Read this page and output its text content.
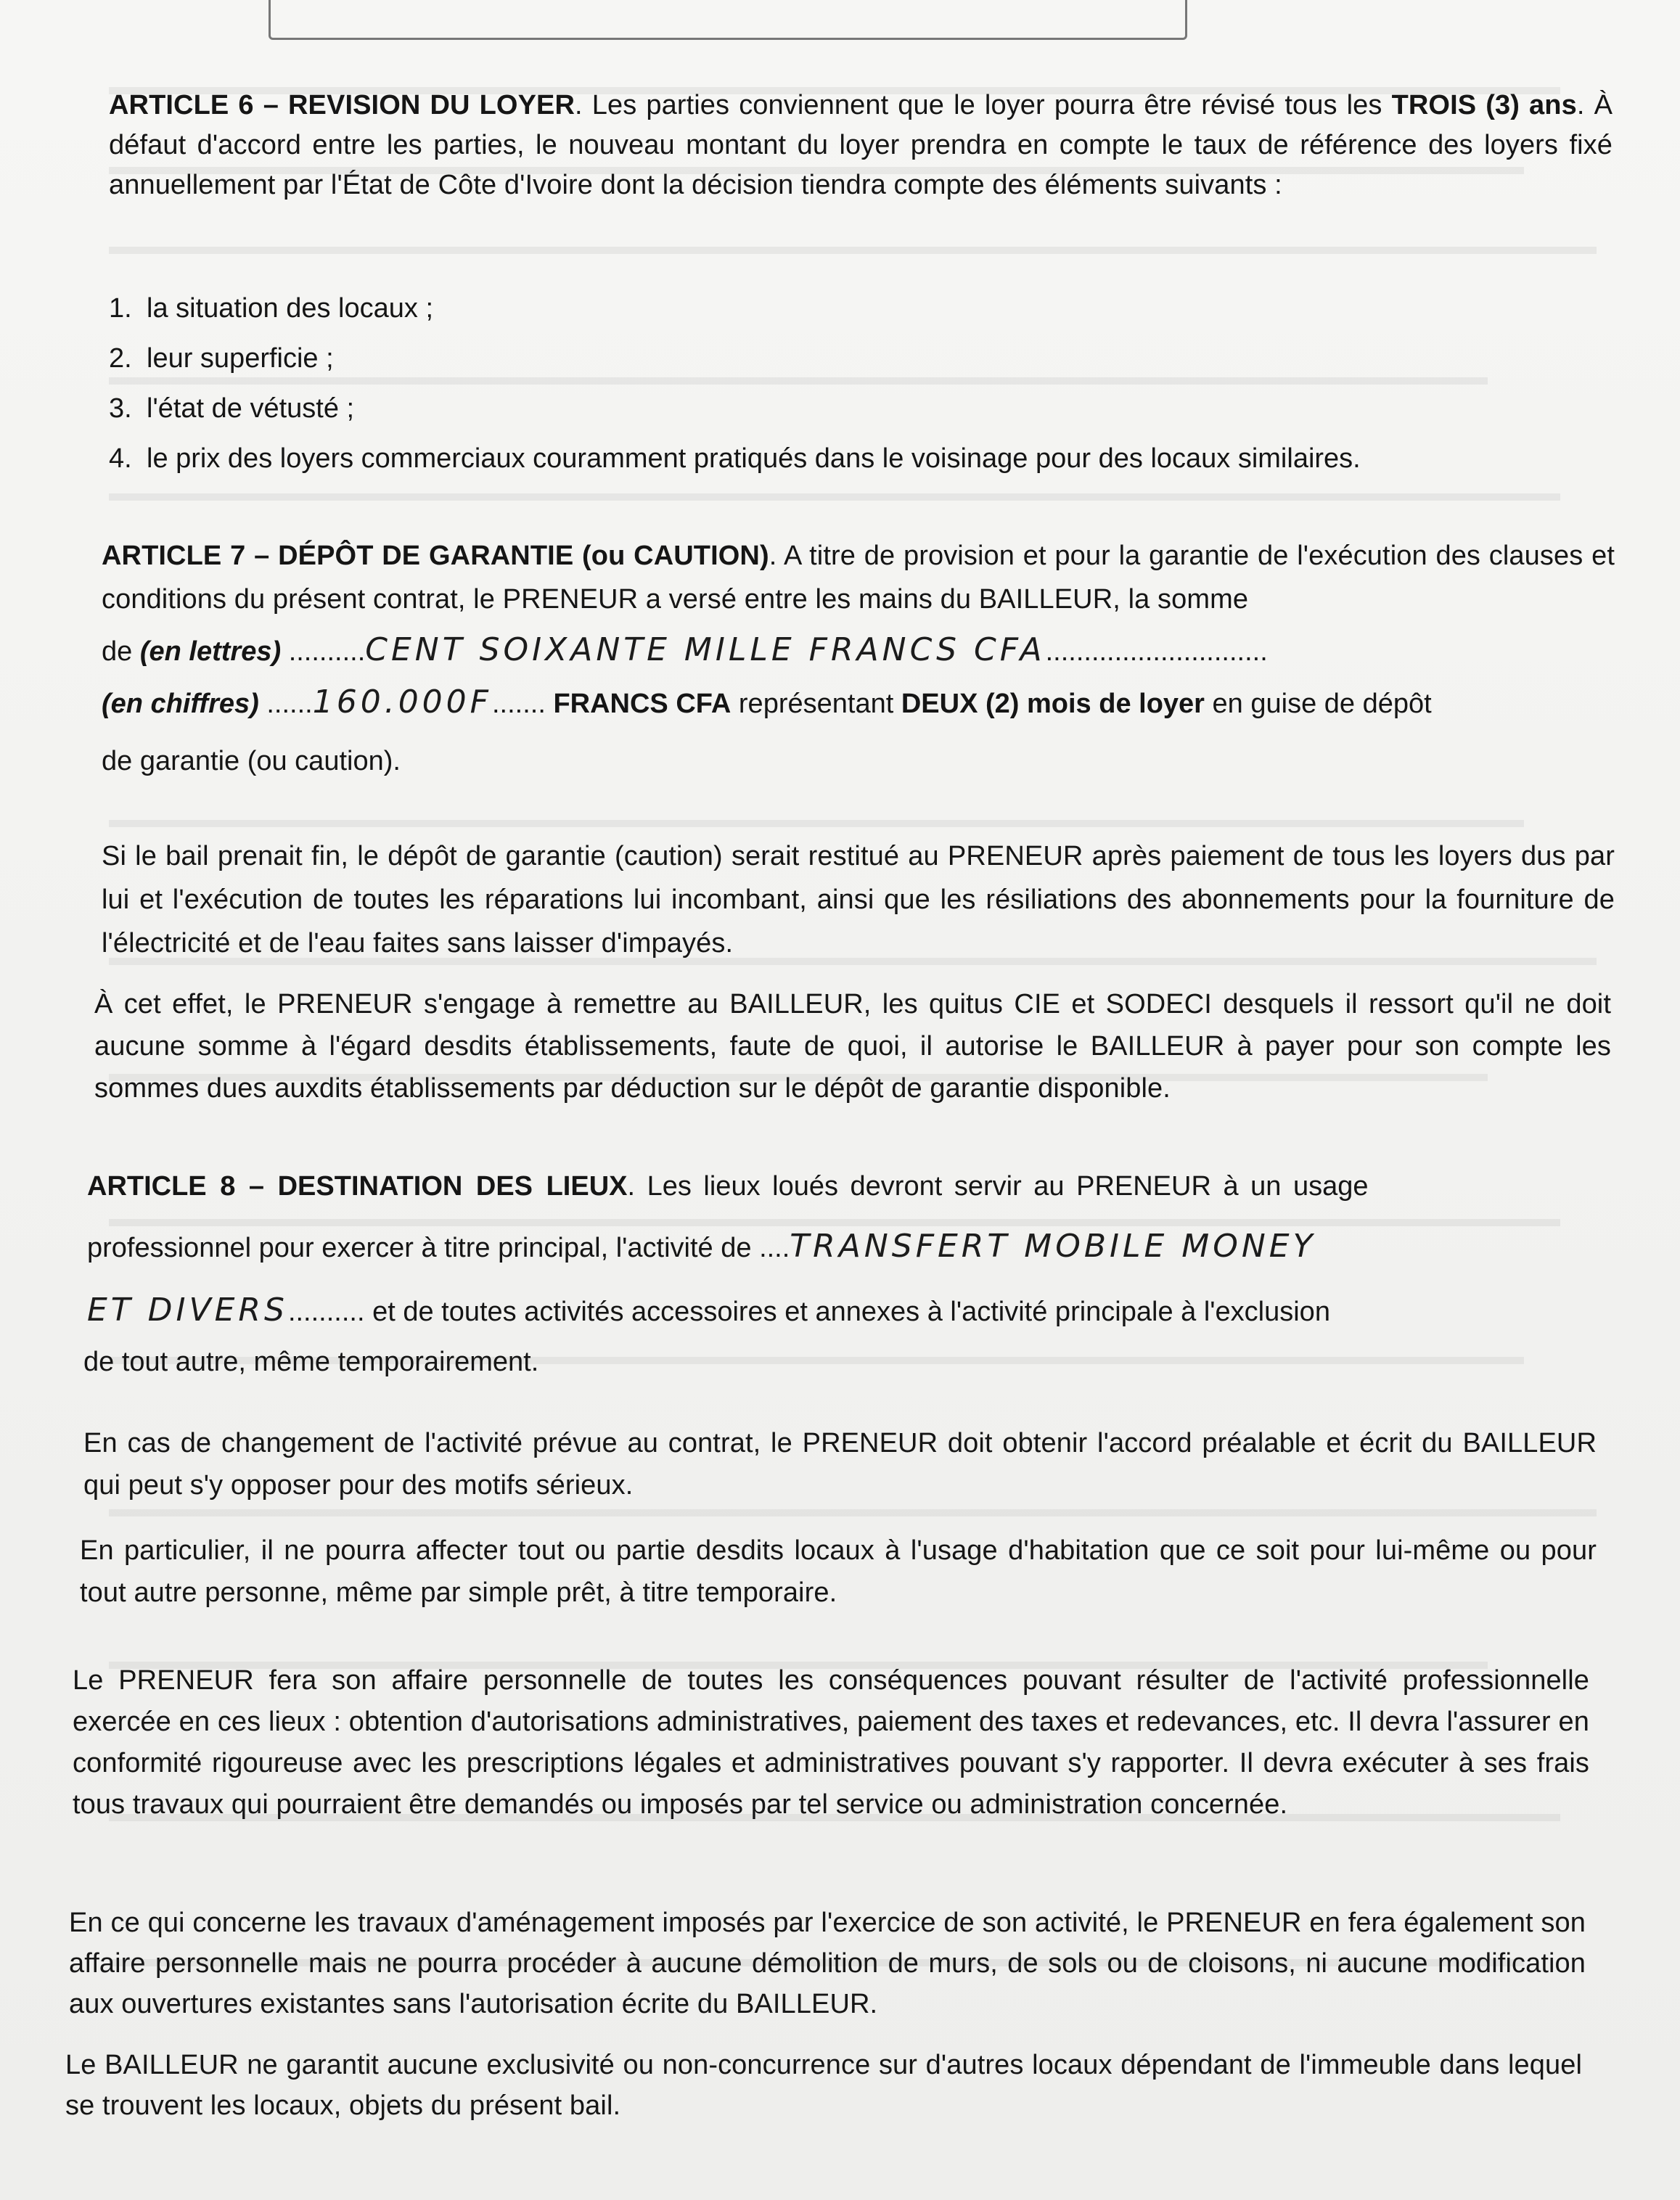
ARTICLE 6 – REVISION DU LOYER. Les parties conviennent que le loyer pourra être révisé tous les TROIS (3) ans. À défaut d'accord entre les parties, le nouveau montant du loyer prendra en compte le taux de référence des loyers fixé annuellement par l'État de Côte d'Ivoire dont la décision tiendra compte des éléments suivants :
1. la situation des locaux ;
2. leur superficie ;
3. l'état de vétusté ;
4. le prix des loyers commerciaux couramment pratiqués dans le voisinage pour des locaux similaires.
ARTICLE 7 – DÉPÔT DE GARANTIE (ou CAUTION). A titre de provision et pour la garantie de l'exécution des clauses et conditions du présent contrat, le PRENEUR a versé entre les mains du BAILLEUR, la somme
de (en lettres) ..........CENT SOIXANTE MILLE FRANCS CFA.............................
(en chiffres) ......160.000F....... FRANCS CFA représentant DEUX (2) mois de loyer en guise de dépôt
de garantie (ou caution).
Si le bail prenait fin, le dépôt de garantie (caution) serait restitué au PRENEUR après paiement de tous les loyers dus par lui et l'exécution de toutes les réparations lui incombant, ainsi que les résiliations des abonnements pour la fourniture de l'électricité et de l'eau faites sans laisser d'impayés.
À cet effet, le PRENEUR s'engage à remettre au BAILLEUR, les quitus CIE et SODECI desquels il ressort qu'il ne doit aucune somme à l'égard desdits établissements, faute de quoi, il autorise le BAILLEUR à payer pour son compte les sommes dues auxdits établissements par déduction sur le dépôt de garantie disponible.
ARTICLE 8 – DESTINATION DES LIEUX. Les lieux loués devront servir au PRENEUR à un usage
professionnel pour exercer à titre principal, l'activité de ....TRANSFERT MOBILE MONEY
ET DIVERS.......... et de toutes activités accessoires et annexes à l'activité principale à l'exclusion
de tout autre, même temporairement.
En cas de changement de l'activité prévue au contrat, le PRENEUR doit obtenir l'accord préalable et écrit du BAILLEUR qui peut s'y opposer pour des motifs sérieux.
En particulier, il ne pourra affecter tout ou partie desdits locaux à l'usage d'habitation que ce soit pour lui-même ou pour tout autre personne, même par simple prêt, à titre temporaire.
Le PRENEUR fera son affaire personnelle de toutes les conséquences pouvant résulter de l'activité professionnelle exercée en ces lieux : obtention d'autorisations administratives, paiement des taxes et redevances, etc. Il devra l'assurer en conformité rigoureuse avec les prescriptions légales et administratives pouvant s'y rapporter. Il devra exécuter à ses frais tous travaux qui pourraient être demandés ou imposés par tel service ou administration concernée.
En ce qui concerne les travaux d'aménagement imposés par l'exercice de son activité, le PRENEUR en fera également son affaire personnelle mais ne pourra procéder à aucune démolition de murs, de sols ou de cloisons, ni aucune modification aux ouvertures existantes sans l'autorisation écrite du BAILLEUR.
Le BAILLEUR ne garantit aucune exclusivité ou non-concurrence sur d'autres locaux dépendant de l'immeuble dans lequel se trouvent les locaux, objets du présent bail.
